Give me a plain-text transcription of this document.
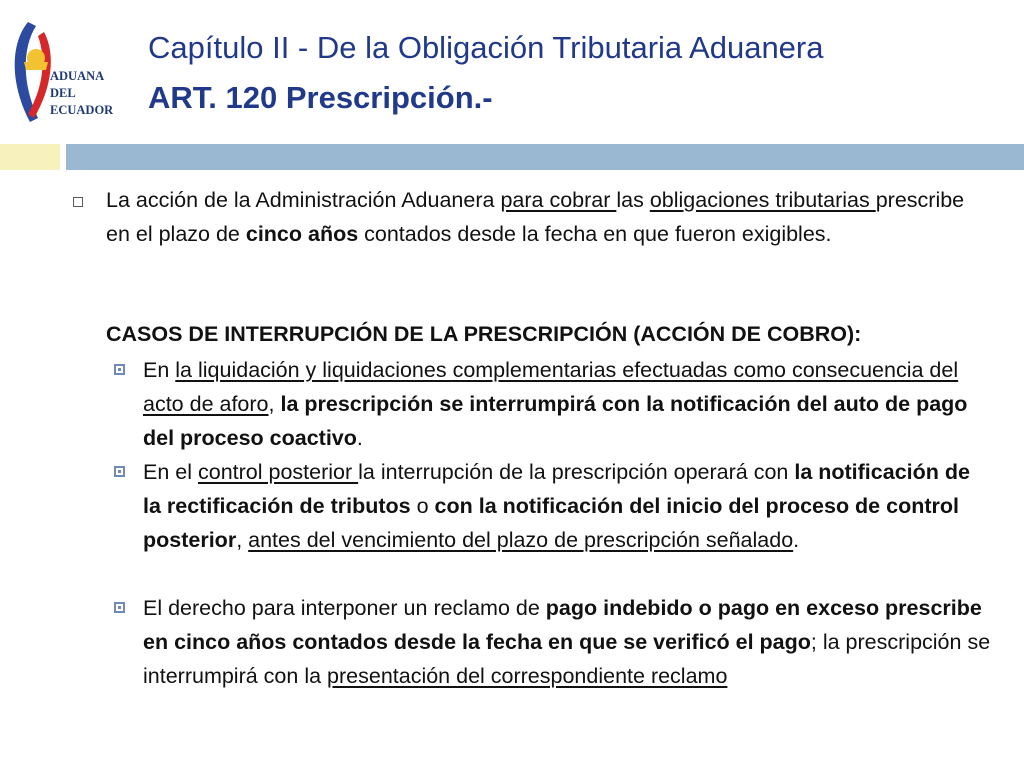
ADUANA
DEL
ECUADOR
Capítulo II - De la Obligación Tributaria Aduanera
ART. 120 Prescripción.-
La acción de la Administración Aduanera para cobrar las obligaciones tributarias prescribe en el plazo de cinco años contados desde la fecha en que fueron exigibles.
CASOS DE INTERRUPCIÓN DE LA PRESCRIPCIÓN (ACCIÓN DE COBRO):
En la liquidación y liquidaciones complementarias efectuadas como consecuencia del acto de aforo, la prescripción se interrumpirá con la notificación del auto de pago del proceso coactivo.
En el control posterior la interrupción de la prescripción operará con la notificación de la rectificación de tributos o con la notificación del inicio del proceso de control posterior, antes del vencimiento del plazo de prescripción señalado.
El derecho para interponer un reclamo de pago indebido o pago en exceso prescribe en cinco años contados desde la fecha en que se verificó el pago; la prescripción se interrumpirá con la presentación del correspondiente reclamo
